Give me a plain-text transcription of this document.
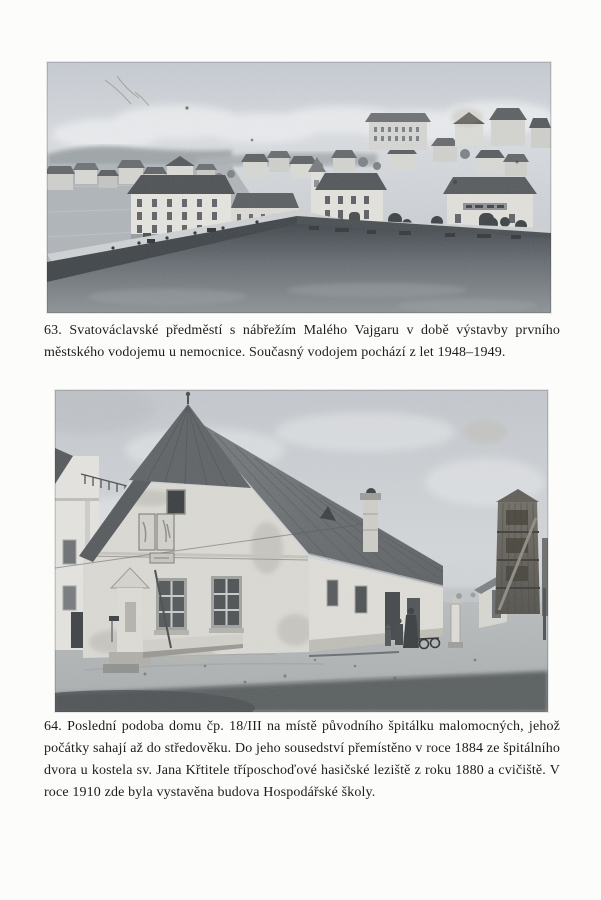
63. Svatováclavské předměstí s nábřežím Malého Vajgaru v době výstavby prvního městského vodojemu u nemocnice. Současný vodojem pochází z let 1948–1949.
64. Poslední podoba domu čp. 18/III na místě původního špitálku malomocných, jehož počátky sahají až do středověku. Do jeho sousedství přemístěno v roce 1884 ze špitálního dvora u kostela sv. Jana Křtitele tříposchoďové hasičské leziště z roku 1880 a cvičiště. V roce 1910 zde byla vystavěna budova Hospodářské školy.
